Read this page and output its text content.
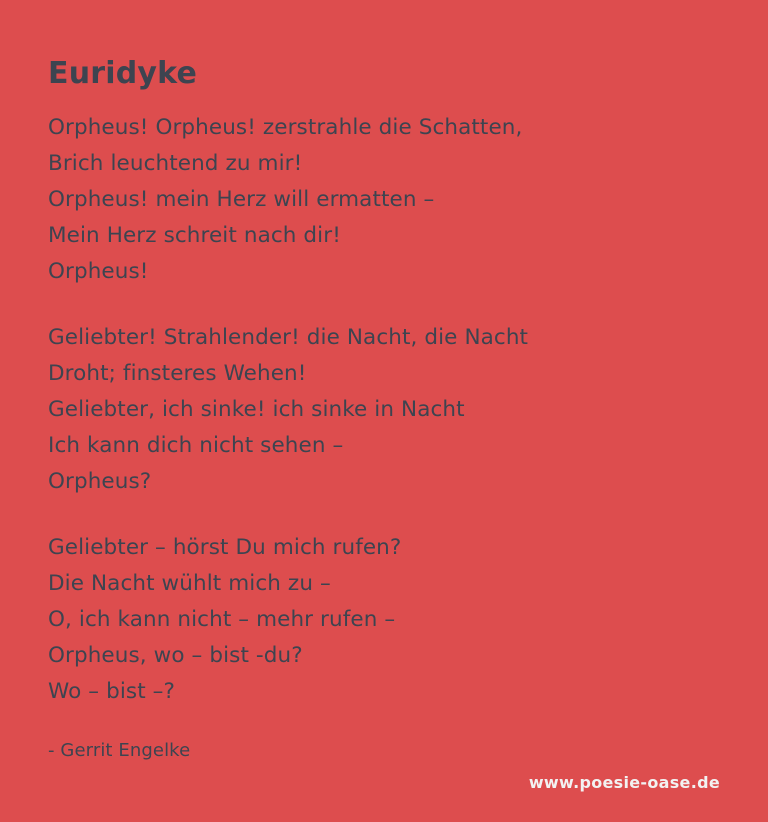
Euridyke
Orpheus! Orpheus! zerstrahle die Schatten,
Brich leuchtend zu mir!
Orpheus! mein Herz will ermatten –
Mein Herz schreit nach dir!
Orpheus!
Geliebter! Strahlender! die Nacht, die Nacht
Droht; finsteres Wehen!
Geliebter, ich sinke! ich sinke in Nacht
Ich kann dich nicht sehen –
Orpheus?
Geliebter – hörst Du mich rufen?
Die Nacht wühlt mich zu –
O, ich kann nicht – mehr rufen –
Orpheus, wo – bist -du?
Wo – bist –?
- Gerrit Engelke
www.poesie-oase.de
